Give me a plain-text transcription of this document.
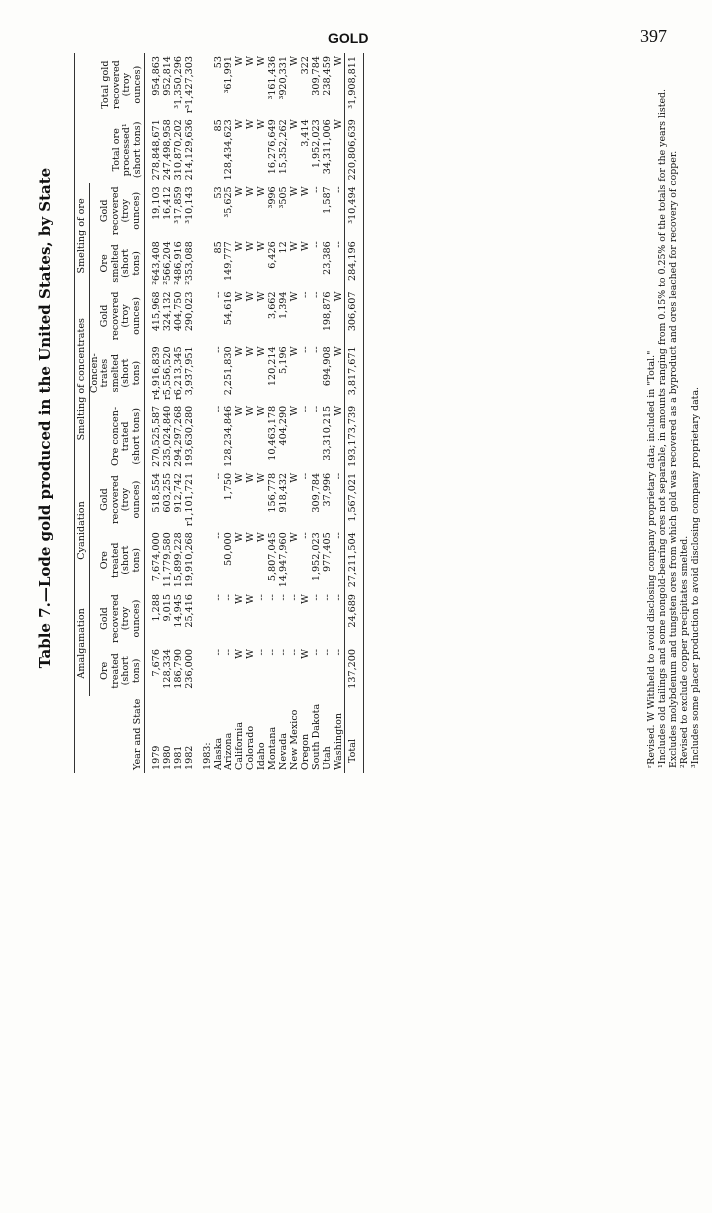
GOLD	397
Table 7.—Lode gold produced in the United States, by State
Year and State	Amalgamation		Cyanidation		Smelting of concentrates			Smelting of ore		Total ore processed¹ (short tons)	Total gold recovered (troy ounces)
	Ore treated (short tons)	Gold recovered (troy ounces)	Ore treated (short tons)	Gold recovered (troy ounces)	Ore concen-trated (short tons)	Concen-trates smelted (short tons)	Gold recovered (troy ounces)	Ore smelted (short tons)	Gold recovered (troy ounces)		

1979	7,676	1,288	7,674,000	518,554	270,525,587	r4,916,839	415,968	²643,408	19,103	278,848,671	954,863
1980	128,334	9,015	11,779,580	603,255	235,024,840	r5,556,520	324,132	²566,204	16,412	247,498,958	952,814
1981	186,790	14,945	15,899,228	912,742	294,297,268	r6,213,345	404,750	²486,916	³17,859	310,870,202	³1,350,296
1982	236,000	25,416	19,910,268	r1,101,721	193,630,280	3,937,951	290,023	²353,088	³10,143	214,129,636	r³1,427,303

1983:											
Alaska	--	--	--	--	--	--	--	85	53	85	53
Arizona	--	--	50,000	1,750	128,234,846	2,251,830	54,616	149,777	³5,625	128,434,623	³61,991
California	W	W	W	W	W	W	W	W	W	W	W
Colorado	W	W	W	W	W	W	W	W	W	W	W
Idaho	--	--	W	W	W	W	W	W	W	W	W
Montana	--	--	5,807,045	156,778	10,463,178	120,214	3,662	6,426	³996	16,276,649	³161,436
Nevada	--	--	14,947,960	918,432	404,290	5,196	1,394	12	³505	15,352,262	³920,331
New Mexico	--	--	W	W	W	W	W	W	W	W	W
Oregon	W	W	--	--	--	--	--	W	W	3,414	322
South Dakota	--	--	1,952,023	309,784	--	--	--	--	--	1,952,023	309,784
Utah	--	--	977,405	37,996	33,310,215	694,908	198,876	23,386	1,587	34,311,006	238,459
Washington	--	--	--	--	W	W	W	--	--	W	W
Total	137,200	24,689	27,211,504	1,567,021	193,173,739	3,817,671	306,607	284,196	³10,494	220,806,639	³1,908,811

ʳRevised. W Withheld to avoid disclosing company proprietary data; included in "Total." ¹Includes old tailings and some nongold-bearing ores not separable, in amounts ranging from 0.15% to 0.25% of the totals for the years listed. Excludes molybdenum and tungsten ores from which gold was recovered as a byproduct and ores leached for recovery of copper. ²Revised to exclude copper precipitates smelted. ³Includes some placer production to avoid disclosing company proprietary data.
